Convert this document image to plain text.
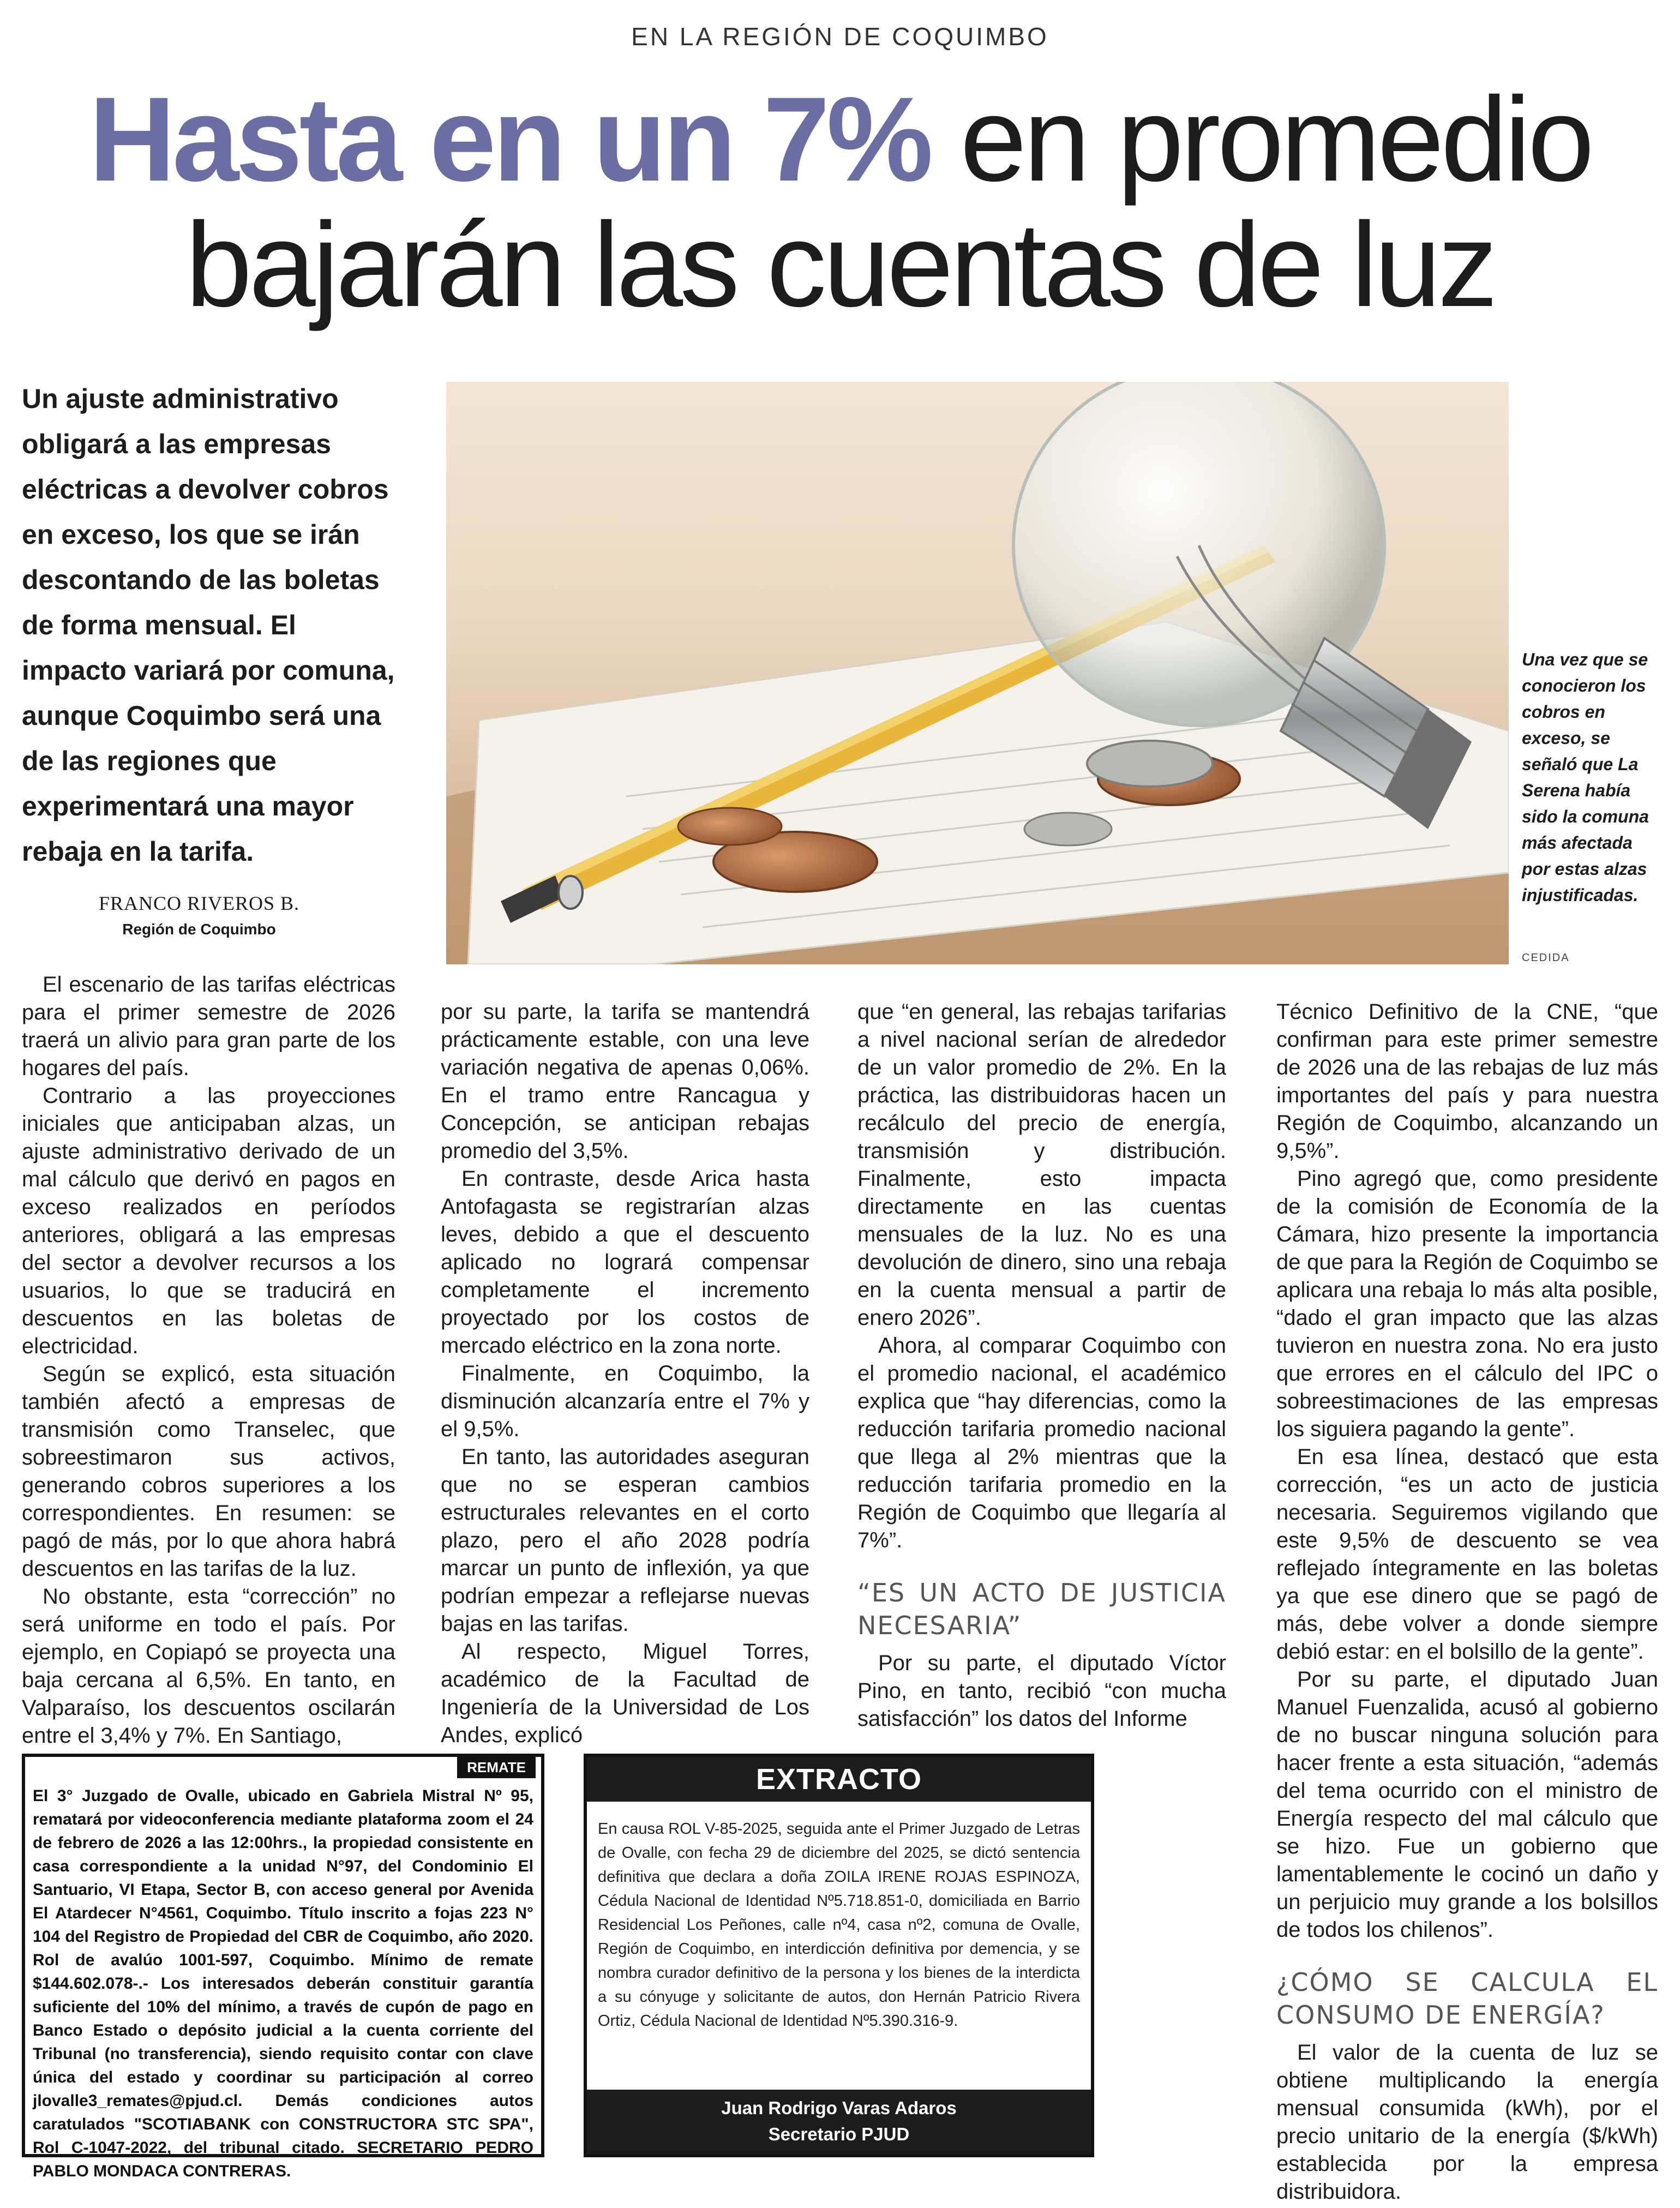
EN LA REGIÓN DE COQUIMBO
Hasta en un 7% en promedio
bajarán las cuentas de luz
Un ajuste administrativo obligará a las empresas eléctricas a devolver cobros en exceso, los que se irán descontando de las boletas de forma mensual. El impacto variará por comuna, aunque Coquimbo será una de las regiones que experimentará una mayor rebaja en la tarifa.
FRANCO RIVEROS B.
Región de Coquimbo
Una vez que se conocieron los cobros en exceso, se señaló que La Serena había sido la comuna más afectada por estas alzas injustificadas.
CEDIDA

El escenario de las tarifas eléctricas para el primer semestre de 2026 traerá un alivio para gran parte de los hogares del país.

Contrario a las proyecciones iniciales que anticipaban alzas, un ajuste administrativo derivado de un mal cálculo que derivó en pagos en exceso realizados en períodos anteriores, obligará a las empresas del sector a devolver recursos a los usuarios, lo que se traducirá en descuentos en las boletas de electricidad.

Según se explicó, esta situación también afectó a empresas de transmisión como Transelec, que sobreestimaron sus activos, generando cobros superiores a los correspondientes. En resumen: se pagó de más, por lo que ahora habrá descuentos en las tarifas de la luz.

No obstante, esta “corrección” no será uniforme en todo el país. Por ejemplo, en Copiapó se proyecta una baja cercana al 6,5%. En tanto, en Valparaíso, los descuentos oscilarán entre el 3,4% y 7%. En Santiago,

por su parte, la tarifa se mantendrá prácticamente estable, con una leve variación negativa de apenas 0,06%. En el tramo entre Rancagua y Concepción, se anticipan rebajas promedio del 3,5%.

En contraste, desde Arica hasta Antofagasta se registrarían alzas leves, debido a que el descuento aplicado no logrará compensar completamente el incremento proyectado por los costos de mercado eléctrico en la zona norte.

Finalmente, en Coquimbo, la disminución alcanzaría entre el 7% y el 9,5%.

En tanto, las autoridades aseguran que no se esperan cambios estructurales relevantes en el corto plazo, pero el año 2028 podría marcar un punto de inflexión, ya que podrían empezar a reflejarse nuevas bajas en las tarifas.

Al respecto, Miguel Torres, académico de la Facultad de Ingeniería de la Universidad de Los Andes, explicó

que “en general, las rebajas tarifarias a nivel nacional serían de alrededor de un valor promedio de 2%. En la práctica, las distribuidoras hacen un recálculo del precio de energía, transmisión y distribución. Finalmente, esto impacta directamente en las cuentas mensuales de la luz. No es una devolución de dinero, sino una rebaja en la cuenta mensual a partir de enero 2026”.

Ahora, al comparar Coquimbo con el promedio nacional, el académico explica que “hay diferencias, como la reducción tarifaria promedio nacional que llega al 2% mientras que la reducción tarifaria promedio en la Región de Coquimbo que llegaría al 7%”.

“ES UN ACTO DE JUSTICIA NECESARIA”

Por su parte, el diputado Víctor Pino, en tanto, recibió “con mucha satisfacción” los datos del Informe

Técnico Definitivo de la CNE, “que confirman para este primer semestre de 2026 una de las rebajas de luz más importantes del país y para nuestra Región de Coquimbo, alcanzando un 9,5%”.

Pino agregó que, como presidente de la comisión de Economía de la Cámara, hizo presente la importancia de que para la Región de Coquimbo se aplicara una rebaja lo más alta posible, “dado el gran impacto que las alzas tuvieron en nuestra zona. No era justo que errores en el cálculo del IPC o sobreestimaciones de las empresas los siguiera pagando la gente”.

En esa línea, destacó que esta corrección, “es un acto de justicia necesaria. Seguiremos vigilando que este 9,5% de descuento se vea reflejado íntegramente en las boletas ya que ese dinero que se pagó de más, debe volver a donde siempre debió estar: en el bolsillo de la gente”.

Por su parte, el diputado Juan Manuel Fuenzalida, acusó al gobierno de no buscar ninguna solución para hacer frente a esta situación, “además del tema ocurrido con el ministro de Energía respecto del mal cálculo que se hizo. Fue un gobierno que lamentablemente le cocinó un daño y un perjuicio muy grande a los bolsillos de todos los chilenos”.

¿CÓMO SE CALCULA EL CONSUMO DE ENERGÍA?

El valor de la cuenta de luz se obtiene multiplicando la energía mensual consumida (kWh), por el precio unitario de la energía ($/kWh) establecida por la empresa distribuidora.

REMATE
El 3° Juzgado de Ovalle, ubicado en Gabriela Mistral Nº 95, rematará por videoconferencia mediante plataforma zoom el 24 de febrero de 2026 a las 12:00hrs., la propiedad consistente en casa correspondiente a la unidad N°97, del Condominio El Santuario, VI Etapa, Sector B, con acceso general por Avenida El Atardecer N°4561, Coquimbo. Título inscrito a fojas 223 N° 104 del Registro de Propiedad del CBR de Coquimbo, año 2020. Rol de avalúo 1001-597, Coquimbo. Mínimo de remate $144.602.078-.- Los interesados deberán constituir garantía suficiente del 10% del mínimo, a través de cupón de pago en Banco Estado o depósito judicial a la cuenta corriente del Tribunal (no transferencia), siendo requisito contar con clave única del estado y coordinar su participación al correo jlovalle3_remates@pjud.cl. Demás condiciones autos caratulados "SCOTIABANK con CONSTRUCTORA STC SPA", Rol C-1047-2022, del tribunal citado. SECRETARIO PEDRO PABLO MONDACA CONTRERAS.
EXTRACTO
En causa ROL V-85-2025, seguida ante el Primer Juzgado de Letras de Ovalle, con fecha 29 de diciembre del 2025, se dictó sentencia definitiva que declara a doña ZOILA IRENE ROJAS ESPINOZA, Cédula Nacional de Identidad Nº5.718.851-0, domiciliada en Barrio Residencial Los Peñones, calle nº4, casa nº2, comuna de Ovalle, Región de Coquimbo, en interdicción definitiva por demencia, y se nombra curador definitivo de la persona y los bienes de la interdicta a su cónyuge y solicitante de autos, don Hernán Patricio Rivera Ortiz, Cédula Nacional de Identidad Nº5.390.316-9.
Juan Rodrigo Varas Adaros
Secretario PJUD
